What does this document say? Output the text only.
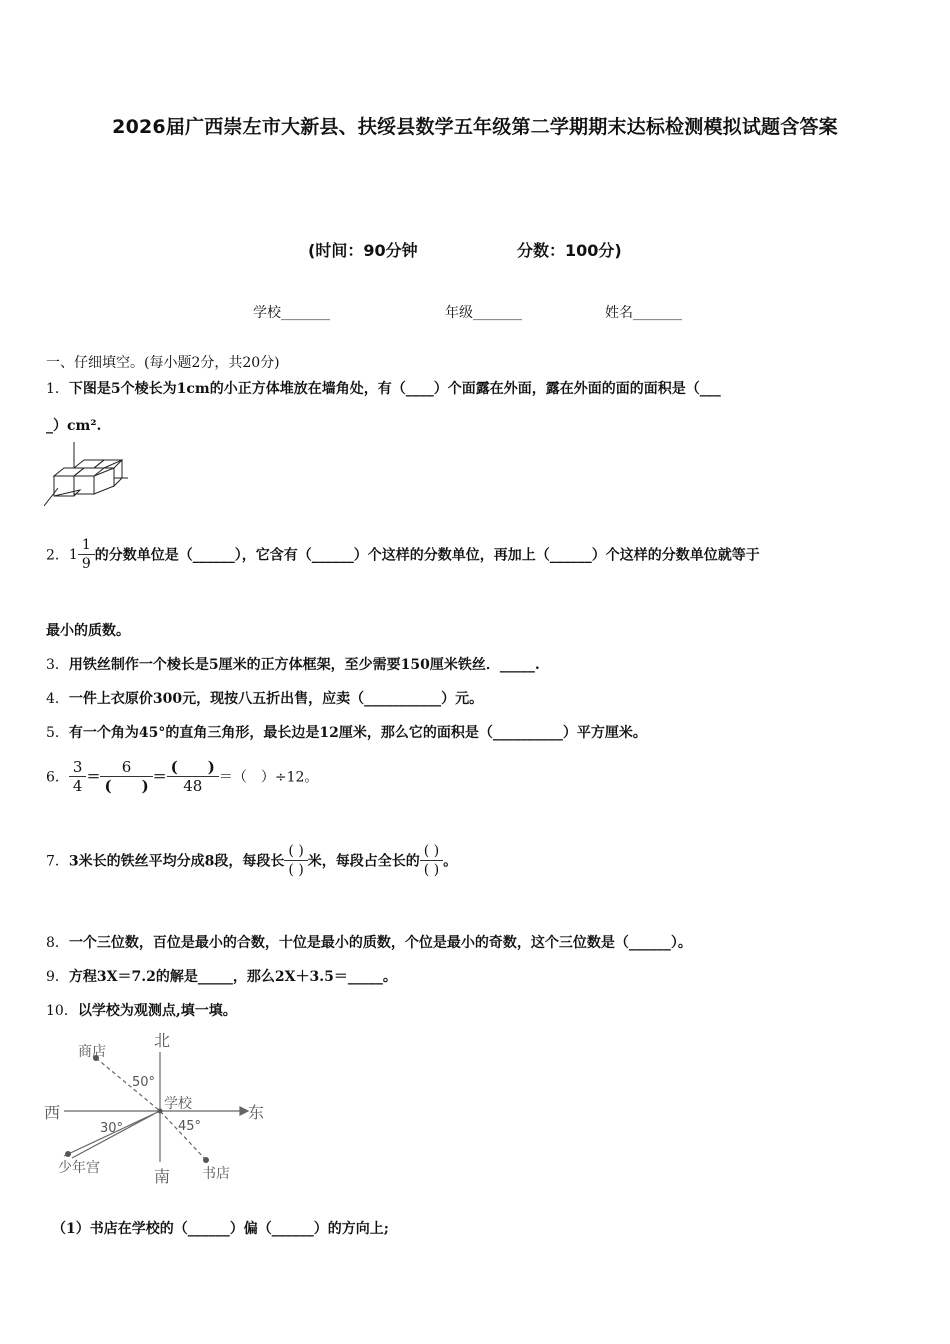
2026届广西崇左市大新县、扶绥县数学五年级第二学期期末达标检测模拟试题含答案
(时间：90分钟	分数：100分)
学校_______	年级_______	姓名_______
一、仔细填空。(每小题2分，共20分)
1．下图是5个棱长为1cm的小正方体堆放在墙角处，有（____）个面露在外面，露在外面的面的面积是（___
_）cm².
2．$1 \frac{1}{9}$ 的分数单位是（______），它含有（______）个这样的分数单位，再加上（______）个这样的分数单位就等于
最小的质数。
3．用铁丝制作一个棱长是5厘米的正方体框架，至少需要150厘米铁丝．_____.
4．一件上衣原价300元，现按八五折出售，应卖（___________）元。
5．有一个角为45°的直角三角形，最长边是12厘米，那么它的面积是（__________）平方厘米。
6． $\frac{3}{4} = \frac{6}{( )} = \frac{( )}{48}$ ＝（　）÷12。
7．3米长的铁丝平均分成8段，每段长 $\frac{( )}{( )}$ 米，每段占全长的 $\frac{( )}{( )}$ 。
8．一个三位数，百位是最小的合数，十位是最小的质数，个位是最小的奇数，这个三位数是（______）。
9．方程3X＝7.2的解是_____，那么2X＋3.5＝_____。
10．以学校为观测点,填一填。
北
南
东
西	学校
商店
少年宫	书店
50°
30°	45°
（1）书店在学校的（______）偏（______）的方向上;
